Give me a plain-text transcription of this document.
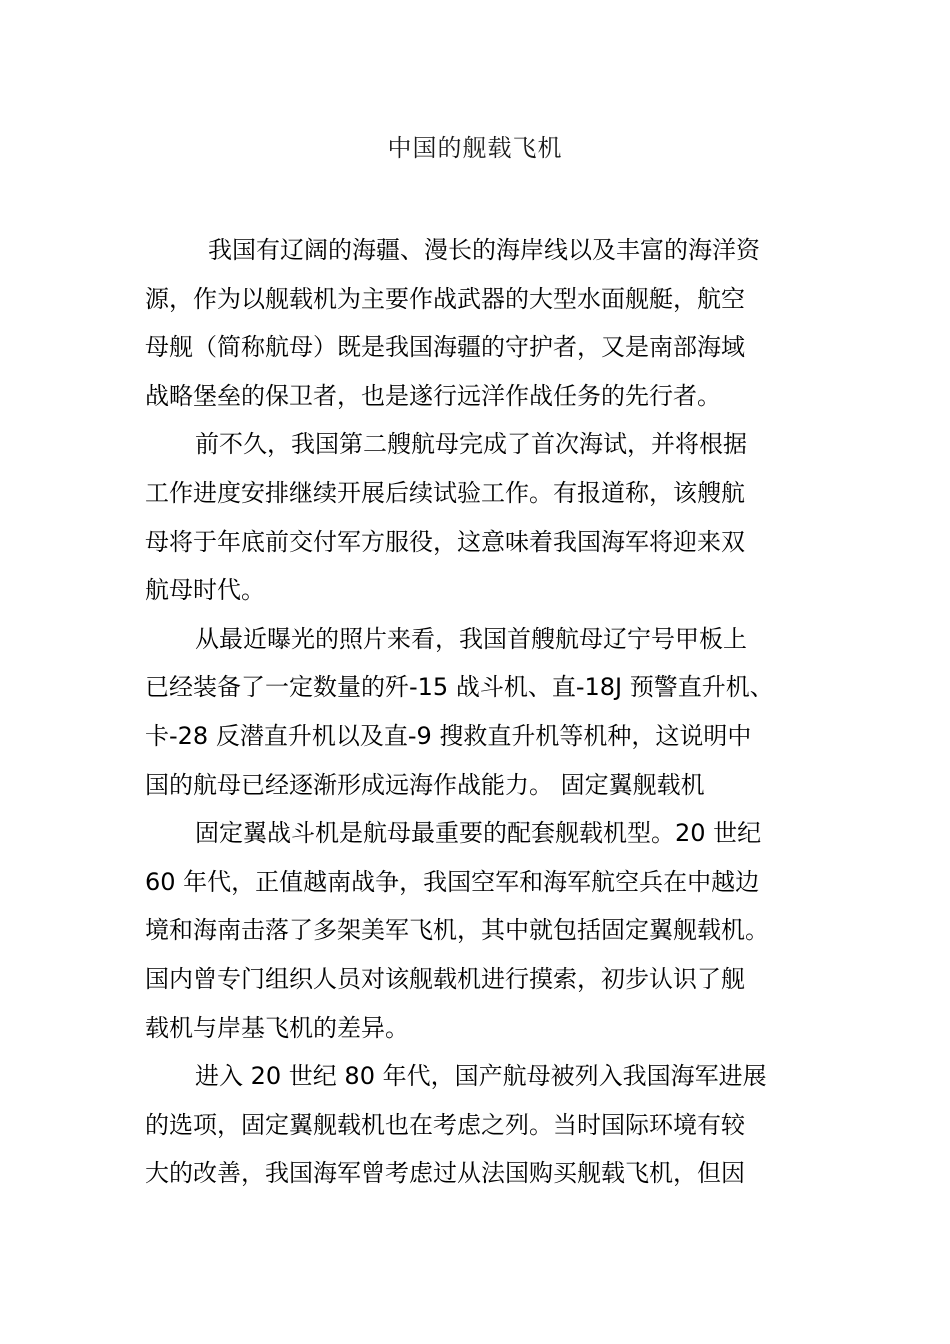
中国的舰载飞机
我国有辽阔的海疆、漫长的海岸线以及丰富的海洋资
源，作为以舰载机为主要作战武器的大型水面舰艇，航空
母舰（简称航母）既是我国海疆的守护者，又是南部海域
战略堡垒的保卫者，也是遂行远洋作战任务的先行者。
前不久，我国第二艘航母完成了首次海试，并将根据
工作进度安排继续开展后续试验工作。有报道称，该艘航
母将于年底前交付军方服役，这意味着我国海军将迎来双
航母时代。
从最近曝光的照片来看，我国首艘航母辽宁号甲板上
已经装备了一定数量的歼-15 战斗机、直-18J 预警直升机、
卡-28 反潜直升机以及直-9 搜救直升机等机种，这说明中
国的航母已经逐渐形成远海作战能力。 固定翼舰载机
固定翼战斗机是航母最重要的配套舰载机型。20 世纪
60 年代，正值越南战争，我国空军和海军航空兵在中越边
境和海南击落了多架美军飞机，其中就包括固定翼舰载机。
国内曾专门组织人员对该舰载机进行摸索，初步认识了舰
载机与岸基飞机的差异。
进入 20 世纪 80 年代，国产航母被列入我国海军进展
的选项，固定翼舰载机也在考虑之列。当时国际环境有较
大的改善，我国海军曾考虑过从法国购买舰载飞机，但因
